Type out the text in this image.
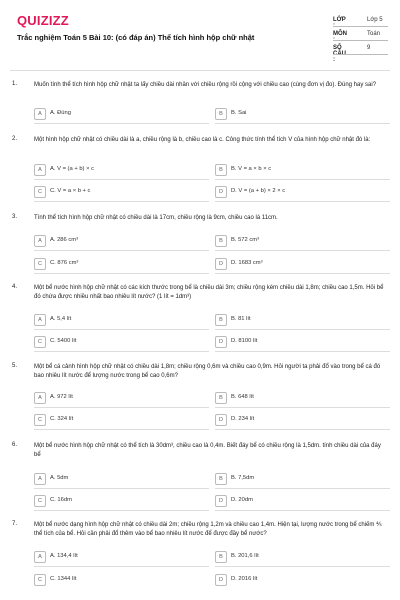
QUIZIZZ
Trắc nghiệm Toán 5 Bài 10: (có đáp án) Thể tích hình hộp chữ nhật
LỚP :
Lớp 5
MÔN :
Toán
SỐ CÂU :
9
1.	Muốn tính thể tích hình hộp chữ nhật ta lấy chiều dài nhân với chiều rộng rồi cộng với chiều cao (cùng đơn vị đo). Đúng hay sai?
A	A. Đúng	B	B. Sai
2.	Một hình hộp chữ nhật có chiều dài là a, chiều rộng là b, chiều cao là c. Công thức tính thể tích V của hình hộp chữ nhật đó là:
A	A. V = (a + b) × c	B	B. V = a × b × c
C	C. V = a × b + c	D	D. V = (a + b) × 2 × c
3.	Tính thể tích hình hộp chữ nhật có chiều dài là 17cm, chiều rộng là 9cm, chiều cao là 11cm.
A	A. 286 cm³	B	B. 572 cm³
C	C. 876 cm³	D	D. 1683 cm³
4.	Một bể nước hình hộp chữ nhật có các kích thước trong bể là chiều dài 3m; chiều rộng kém chiều dài 1,8m; chiều cao 1,5m. Hỏi bể đó chứa được nhiều nhất bao nhiêu lít nước? (1 lít = 1dm³)
A	A. 5,4 lít	B	B. 81 lít
C	C. 5400 lít	D	D. 8100 lít
5.	Một bể cá cảnh hình hộp chữ nhật có chiều dài 1,8m; chiều rộng 0,6m và chiều cao 0,9m. Hỏi người ta phải đổ vào trong bể cá đó bao nhiêu lít nước để lượng nước trong bể cao 0,6m?
A	A. 972 lít	B	B. 648 lít
C	C. 324 lít	D	D. 234 lít
6.	Một bể nước hình hộp chữ nhật có thể tích là 30dm³, chiều cao là 0,4m. Biết đáy bể có chiều rộng là 1,5dm. tính chiều dài của đáy bể
A	A. 5dm	B	B. 7,5dm
C	C. 16dm	D	D. 20dm
7.	Một bể nước dạng hình hộp chữ nhật có chiều dài 2m; chiều rộng 1,2m và chiều cao 1,4m. Hiện tại, lượng nước trong bể chiếm ⅘ thể tích của bể. Hỏi cần phải đổ thêm vào bể bao nhiêu lít nước để được đầy bể nước?
A	A. 134,4 lít	B	B. 201,6 lít
C	C. 1344 lít	D	D. 2016 lít
